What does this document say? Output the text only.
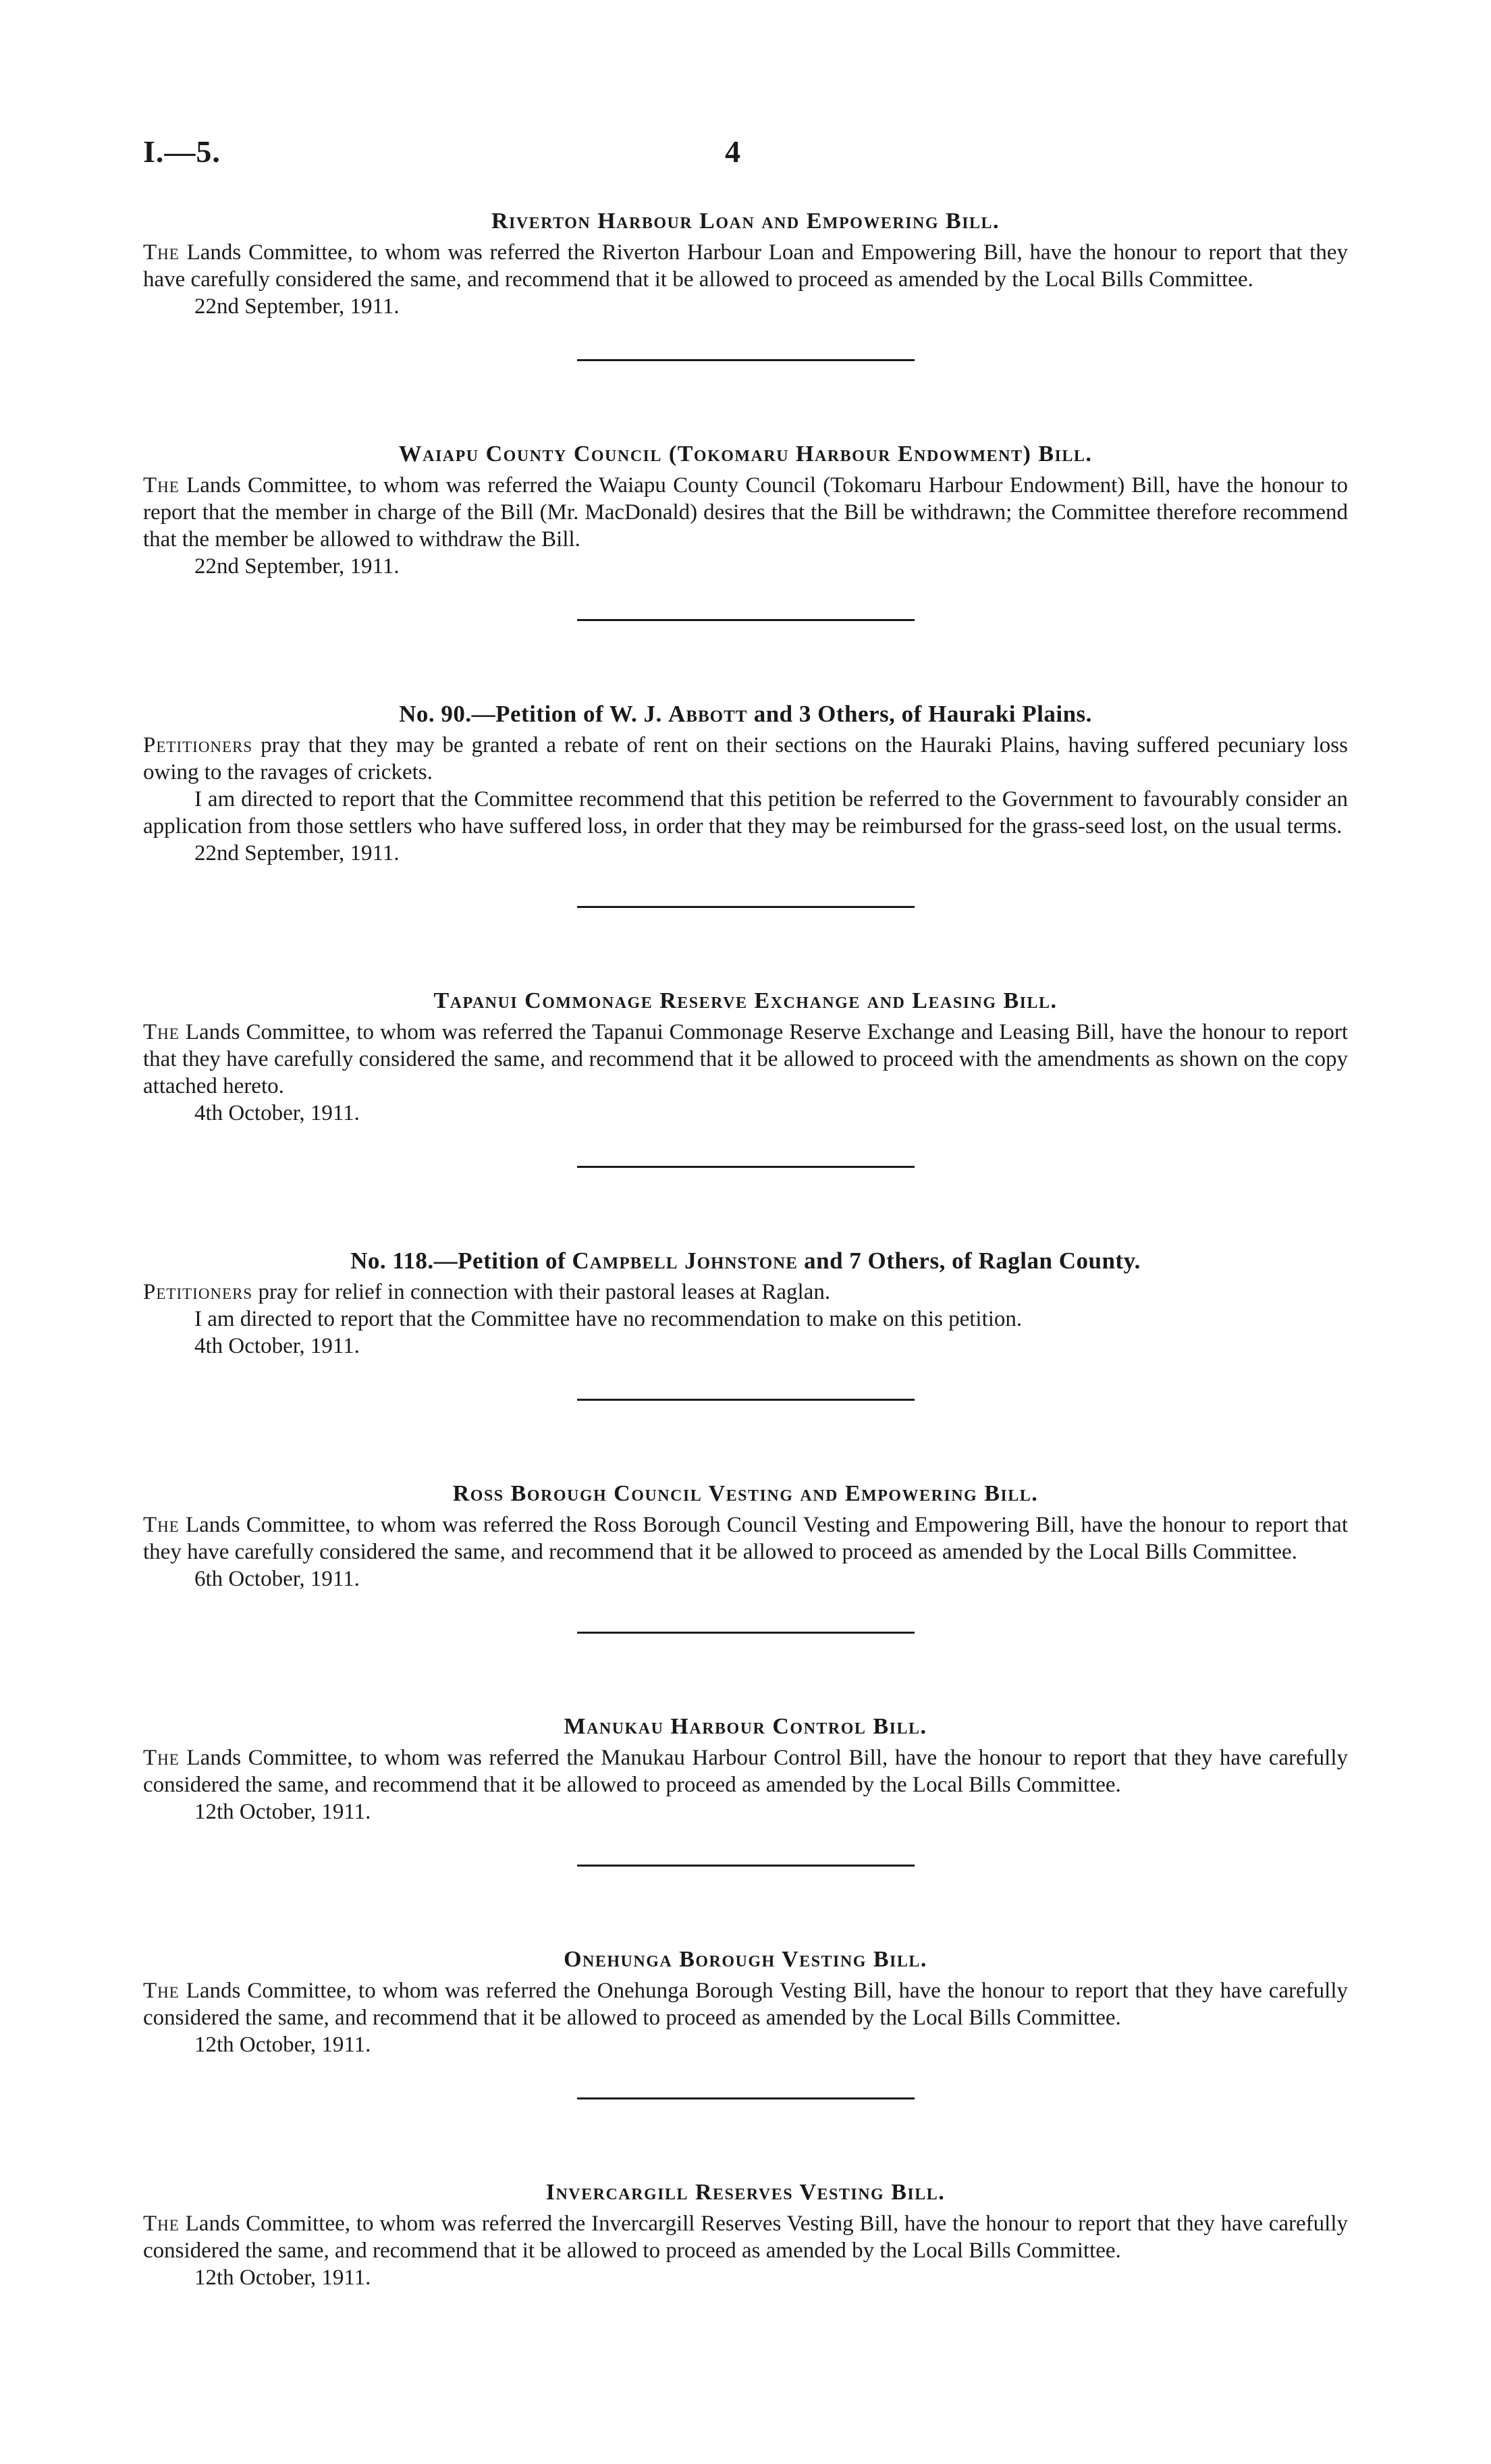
I.—5.	4
Riverton Harbour Loan and Empowering Bill.

The Lands Committee, to whom was referred the Riverton Harbour Loan and Empowering Bill, have the honour to report that they have carefully considered the same, and recommend that it be allowed to proceed as amended by the Local Bills Committee.

22nd September, 1911.

Waiapu County Council (Tokomaru Harbour Endowment) Bill.

The Lands Committee, to whom was referred the Waiapu County Council (Tokomaru Harbour Endowment) Bill, have the honour to report that the member in charge of the Bill (Mr. MacDonald) desires that the Bill be withdrawn; the Committee therefore recommend that the member be allowed to withdraw the Bill.

22nd September, 1911.

No. 90.—Petition of W. J. Abbott and 3 Others, of Hauraki Plains.

Petitioners pray that they may be granted a rebate of rent on their sections on the Hauraki Plains, having suffered pecuniary loss owing to the ravages of crickets.

I am directed to report that the Committee recommend that this petition be referred to the Government to favourably consider an application from those settlers who have suffered loss, in order that they may be reimbursed for the grass-seed lost, on the usual terms.

22nd September, 1911.

Tapanui Commonage Reserve Exchange and Leasing Bill.

The Lands Committee, to whom was referred the Tapanui Commonage Reserve Exchange and Leasing Bill, have the honour to report that they have carefully considered the same, and recommend that it be allowed to proceed with the amendments as shown on the copy attached hereto.

4th October, 1911.

No. 118.—Petition of Campbell Johnstone and 7 Others, of Raglan County.

Petitioners pray for relief in connection with their pastoral leases at Raglan.

I am directed to report that the Committee have no recommendation to make on this petition.

4th October, 1911.

Ross Borough Council Vesting and Empowering Bill.

The Lands Committee, to whom was referred the Ross Borough Council Vesting and Empowering Bill, have the honour to report that they have carefully considered the same, and recommend that it be allowed to proceed as amended by the Local Bills Committee.

6th October, 1911.

Manukau Harbour Control Bill.

The Lands Committee, to whom was referred the Manukau Harbour Control Bill, have the honour to report that they have carefully considered the same, and recommend that it be allowed to proceed as amended by the Local Bills Committee.

12th October, 1911.

Onehunga Borough Vesting Bill.

The Lands Committee, to whom was referred the Onehunga Borough Vesting Bill, have the honour to report that they have carefully considered the same, and recommend that it be allowed to proceed as amended by the Local Bills Committee.

12th October, 1911.

Invercargill Reserves Vesting Bill.

The Lands Committee, to whom was referred the Invercargill Reserves Vesting Bill, have the honour to report that they have carefully considered the same, and recommend that it be allowed to proceed as amended by the Local Bills Committee.

12th October, 1911.
